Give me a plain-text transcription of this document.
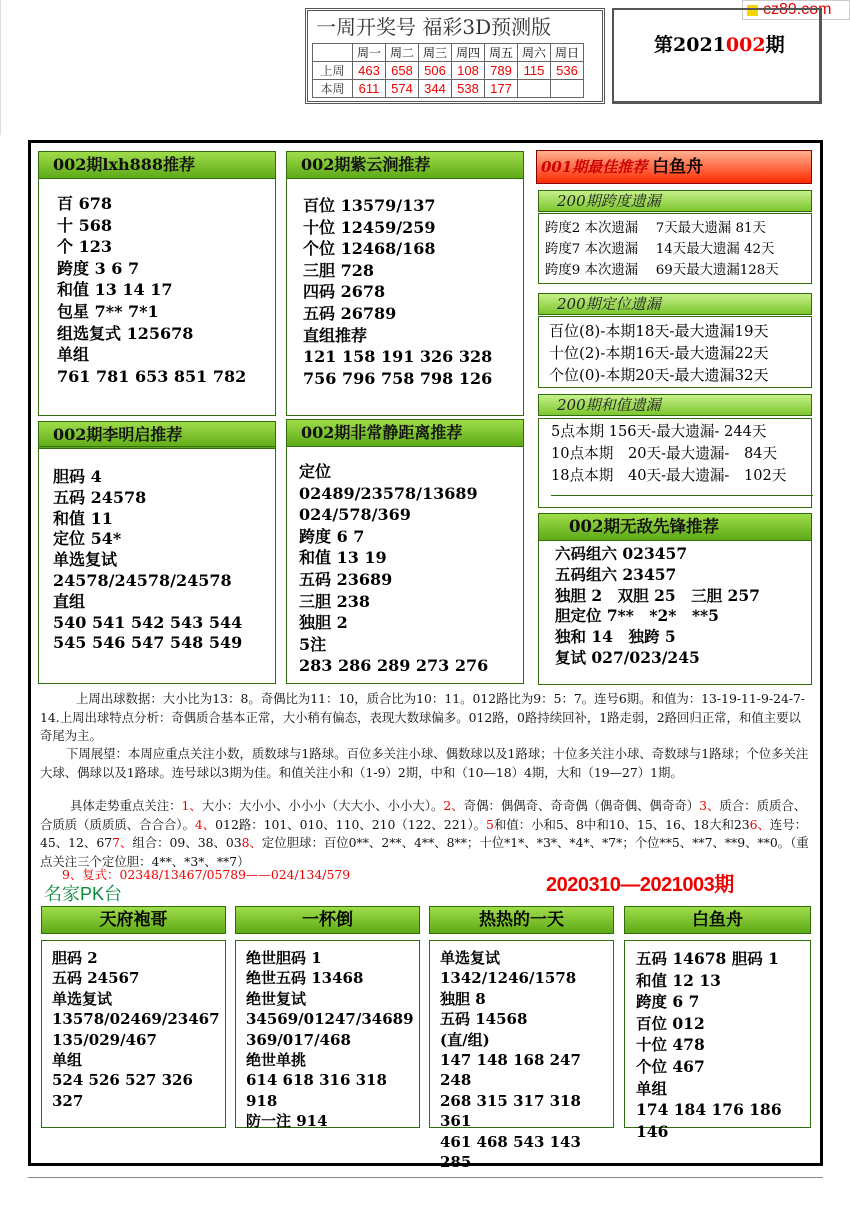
cz89.com
一周开奖号 福彩3D预测版
	周一	周二	周三	周四	周五	周六	周日
上周	463	658	506	108	789	115	536
本周	611	574	344	538	177		
第2021002期
002期lxh888推荐
百 678
十 568
个 123
跨度 3 6 7
和值 13 14 17
包星 7** 7*1
组选复式 125678
单组
761 781 653 851 782
002期紫云涧推荐
百位 13579/137
十位 12459/259
个位 12468/168
三胆 728
四码 2678
五码 26789
直组推荐
121 158 191 326 328
756 796 758 798 126
002期李明启推荐
胆码 4
五码 24578
和值 11
定位 54*
单选复试
24578/24578/24578
直组
540 541 542 543 544
545 546 547 548 549
002期非常静距离推荐
定位
02489/23578/13689
024/578/369
跨度 6 7
和值 13 19
五码 23689
三胆 238
独胆 2
5注
283 286 289 273 276
001期最佳推荐 白鱼舟
200期跨度遗漏
跨度2 本次遗漏　 7天最大遗漏 81天
跨度7 本次遗漏　 14天最大遗漏 42天
跨度9 本次遗漏　 69天最大遗漏128天
200期定位遗漏
百位(8)-本期18天-最大遗漏19天
十位(2)-本期16天-最大遗漏22天
个位(0)-本期20天-最大遗漏32天
200期和值遗漏
5点本期 156天-最大遗漏- 244天
10点本期　20天-最大遗漏-　84天
18点本期　40天-最大遗漏-　102天
002期无敌先锋推荐
六码组六 023457
五码组六 23457
独胆 2　双胆 25　三胆 257
胆定位 7**　*2*　**5
独和 14　独跨 5
复试 027/023/245
上周出球数据：大小比为13：8。奇偶比为11：10，质合比为10：11。012路比为9：5：7。连号6期。和值为：13-19-11-9-24-7-14.上周出球特点分析：奇偶质合基本正常，大小稍有偏态，表现大数球偏多。012路，0路持续回补，1路走弱，2路回归正常，和值主要以奇尾为主。
下周展望：本周应重点关注小数，质数球与1路球。百位多关注小球、偶数球以及1路球；十位多关注小球、奇数球与1路球；个位多关注大球、偶球以及1路球。连号球以3期为佳。和值关注小和（1-9）2期，中和（10—18）4期，大和（19—27）1期。
具体走势重点关注：1、大小：大小小、小小小（大大小、小小大）。2、奇偶：偶偶奇、奇奇偶（偶奇偶、偶奇奇）3、质合：质质合、合质质（质质质、合合合）。4、012路：101、010、110、210（122、221）。5和值：小和5、8中和10、15、16、18大和236、连号：45、12、677、组合：09、38、038、定位胆球：百位0**、2**、4**、8**；十位*1*、*3*、*4*、*7*；个位**5、**7、**9、**0。（重点关注三个定位胆：4**、*3*、**7）
9、复式：02348/13467/05789——024/134/579
名家PK台	2020310—2021003期
天府袍哥
胆码 2
五码 24567
单选复试
13578/02469/23467
135/029/467
单组
524 526 527 326 327
一杯倒
绝世胆码 1
绝世五码 13468
绝世复试
34569/01247/34689
369/017/468
绝世单挑
614 618 316 318 918
防一注 914
热热的一天
单选复试
1342/1246/1578
独胆 8
五码 14568
(直/组)
147 148 168 247 248
268 315 317 318 361
461 468 543 143 285
白鱼舟
五码 14678 胆码 1
和值 12 13
跨度 6 7
百位 012
十位 478
个位 467
单组
174 184 176 186 146
